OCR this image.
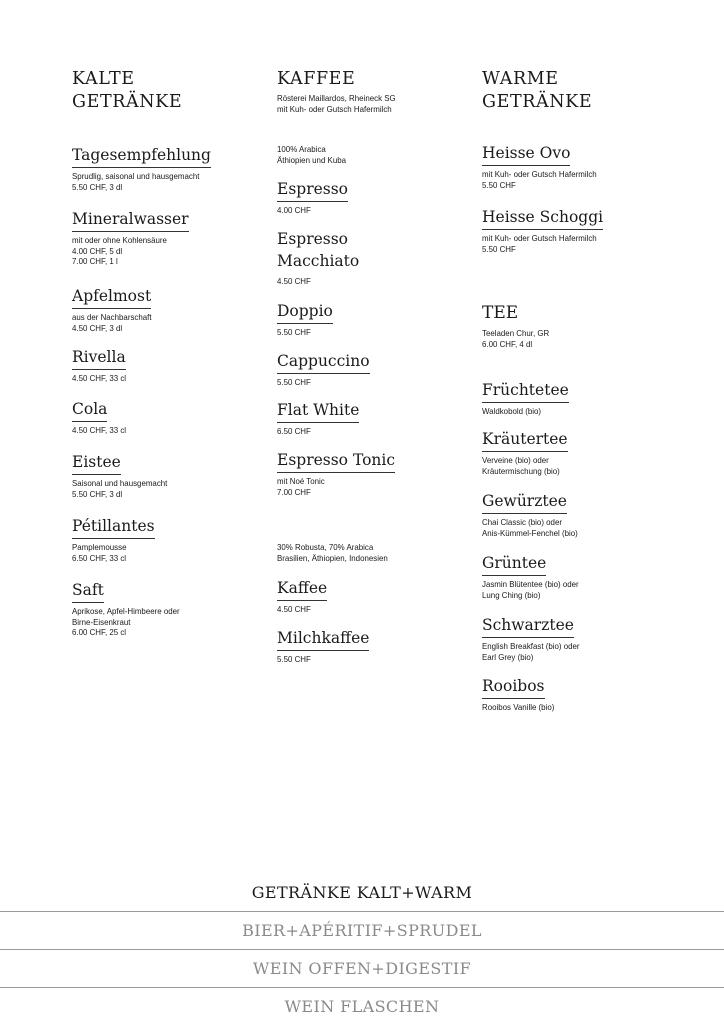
KALTE
GETRÄNKE
Tagesempfehlung
Sprudlig, saisonal und hausgemacht
5.50 CHF, 3 dl
Mineralwasser
mit oder ohne Kohlensäure
4.00 CHF, 5 dl
7.00 CHF, 1 l
Apfelmost
aus der Nachbarschaft
4.50 CHF, 3 dl
Rivella
4.50 CHF, 33 cl
Cola
4.50 CHF, 33 cl
Eistee
Saisonal und hausgemacht
5.50 CHF, 3 dl
Pétillantes
Pamplemousse
6.50 CHF, 33 cl
Saft
Aprikose, Apfel-Himbeere oder
Birne-Eisenkraut
6.00 CHF, 25 cl
KAFFEE
Rösterei Maillardos, Rheineck SG
mit Kuh- oder Gutsch Hafermilch
100% Arabica
Äthiopien und Kuba
Espresso
4.00 CHF
Espresso
Macchiato
4.50 CHF
Doppio
5.50 CHF
Cappuccino
5.50 CHF
Flat White
6.50 CHF
Espresso Tonic
mit Noé Tonic
7.00 CHF
30% Robusta, 70% Arabica
Brasilien, Äthiopien, Indonesien
Kaffee
4.50 CHF
Milchkaffee
5.50 CHF
WARME
GETRÄNKE
Heisse Ovo
mit Kuh- oder Gutsch Hafermilch
5.50 CHF
Heisse Schoggi
mit Kuh- oder Gutsch Hafermilch
5.50 CHF
TEE
Teeladen Chur, GR
6.00 CHF, 4 dl
Früchtetee
Waldkobold (bio)
Kräutertee
Verveine (bio) oder
Kräutermischung (bio)
Gewürztee
Chai Classic (bio) oder
Anis-Kümmel-Fenchel (bio)
Grüntee
Jasmin Blütentee (bio) oder
Lung Ching (bio)
Schwarztee
English Breakfast (bio) oder
Earl Grey (bio)
Rooibos
Rooibos Vanille (bio)
GETRÄNKE KALT+WARM
BIER+APÉRITIF+SPRUDEL
WEIN OFFEN+DIGESTIF
WEIN FLASCHEN
